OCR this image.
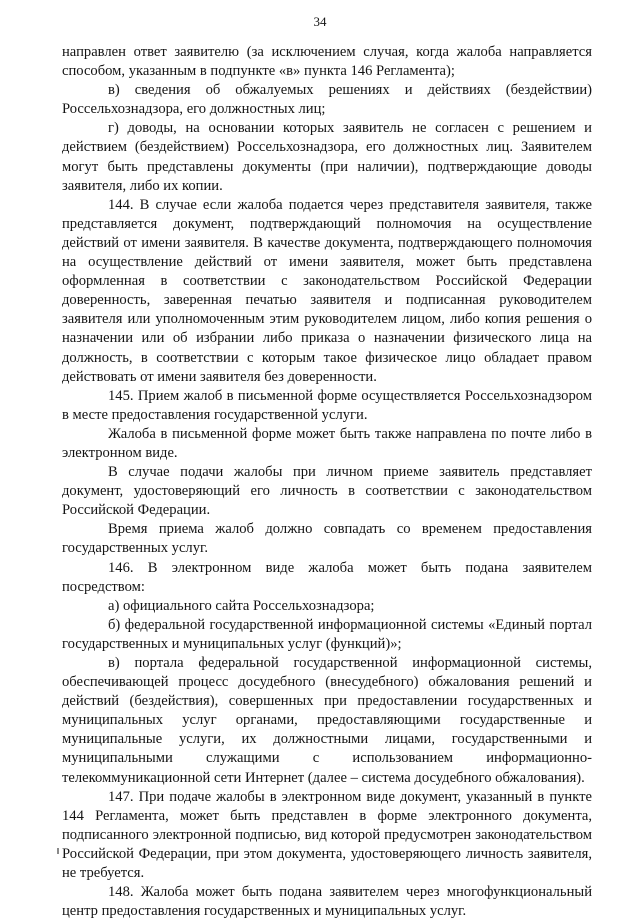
34

направлен ответ заявителю (за исключением случая, когда жалоба направляется способом, указанным в подпункте «в» пункта 146 Регламента);

в) сведения об обжалуемых решениях и действиях (бездействии) Россельхознадзора, его должностных лиц;

г) доводы, на основании которых заявитель не согласен с решением и действием (бездействием) Россельхознадзора, его должностных лиц. Заявителем могут быть представлены документы (при наличии), подтверждающие доводы заявителя, либо их копии.

144. В случае если жалоба подается через представителя заявителя, также представляется документ, подтверждающий полномочия на осуществление действий от имени заявителя. В качестве документа, подтверждающего полномочия на осуществление действий от имени заявителя, может быть представлена оформленная в соответствии с законодательством Российской Федерации доверенность, заверенная печатью заявителя и подписанная руководителем заявителя или уполномоченным этим руководителем лицом, либо копия решения о назначении или об избрании либо приказа о назначении физического лица на должность, в соответствии с которым такое физическое лицо обладает правом действовать от имени заявителя без доверенности.

145. Прием жалоб в письменной форме осуществляется Россельхознадзором в месте предоставления государственной услуги.

Жалоба в письменной форме может быть также направлена по почте либо в электронном виде.

В случае подачи жалобы при личном приеме заявитель представляет документ, удостоверяющий его личность в соответствии с законодательством Российской Федерации.

Время приема жалоб должно совпадать со временем предоставления государственных услуг.

146. В электронном виде жалоба может быть подана заявителем посредством:

а) официального сайта Россельхознадзора;

б) федеральной государственной информационной системы «Единый портал государственных и муниципальных услуг (функций)»;

в) портала федеральной государственной информационной системы, обеспечивающей процесс досудебного (внесудебного) обжалования решений и действий (бездействия), совершенных при предоставлении государственных и муниципальных услуг органами, предоставляющими государственные и муниципальные услуги, их должностными лицами, государственными и муниципальными служащими с использованием информационно-телекоммуникационной сети Интернет (далее – система досудебного обжалования).

147. При подаче жалобы в электронном виде документ, указанный в пункте 144 Регламента, может быть представлен в форме электронного документа, подписанного электронной подписью, вид которой предусмотрен законодательством Российской Федерации, при этом документа, удостоверяющего личность заявителя, не требуется.

148. Жалоба может быть подана заявителем через многофункциональный центр предоставления государственных и муниципальных услуг.
